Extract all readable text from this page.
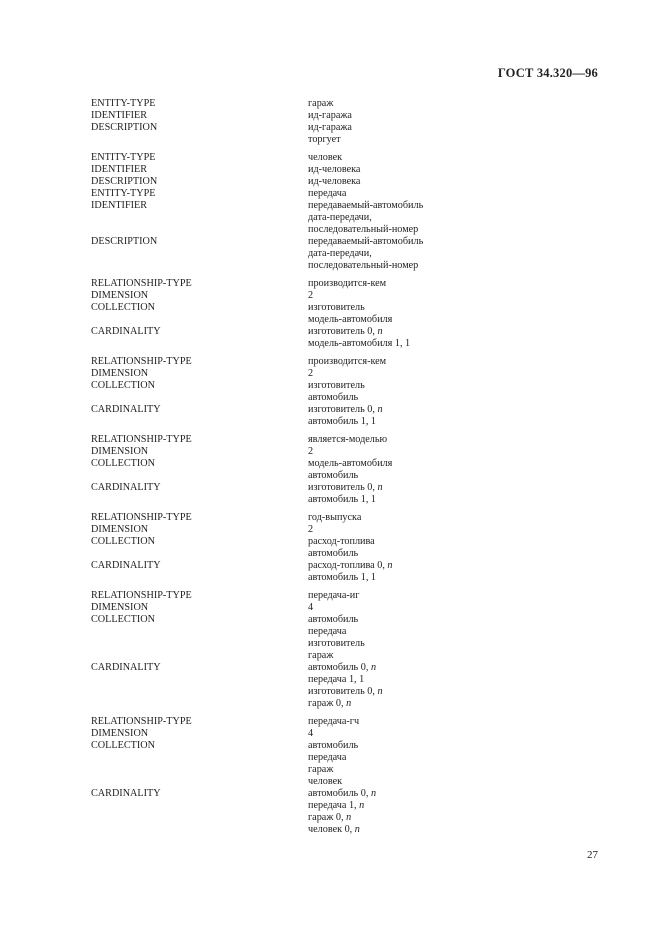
ГОСТ 34.320—96
ENTITY-TYPE	гараж
IDENTIFIER	ид-гаража
DESCRIPTION	ид-гаража
торгует
ENTITY-TYPE	человек
IDENTIFIER	ид-человека
DESCRIPTION	ид-человека
ENTITY-TYPE	передача
IDENTIFIER	передаваемый-автомобиль
дата-передачи,
последовательный-номер
DESCRIPTION	передаваемый-автомобиль
дата-передачи,
последовательный-номер
RELATIONSHIP-TYPE	производится-кем
DIMENSION	2
COLLECTION	изготовитель
модель-автомобиля
CARDINALITY	изготовитель 0, n
модель-автомобиля 1, 1
RELATIONSHIP-TYPE	производится-кем
DIMENSION	2
COLLECTION	изготовитель
автомобиль
CARDINALITY	изготовитель 0, n
автомобиль 1, 1
RELATIONSHIP-TYPE	является-моделью
DIMENSION	2
COLLECTION	модель-автомобиля
автомобиль
CARDINALITY	изготовитель 0, n
автомобиль 1, 1
RELATIONSHIP-TYPE	год-выпуска
DIMENSION	2
COLLECTION	расход-топлива
автомобиль
CARDINALITY	расход-топлива 0, n
автомобиль 1, 1
RELATIONSHIP-TYPE	передача-иг
DIMENSION	4
COLLECTION	автомобиль
передача
изготовитель
гараж
CARDINALITY	автомобиль 0, n
передача 1, 1
изготовитель 0, n
гараж 0, n
RELATIONSHIP-TYPE	передача-гч
DIMENSION	4
COLLECTION	автомобиль
передача
гараж
человек
CARDINALITY	автомобиль 0, n
передача 1, n
гараж 0, n
человек 0, n
27
